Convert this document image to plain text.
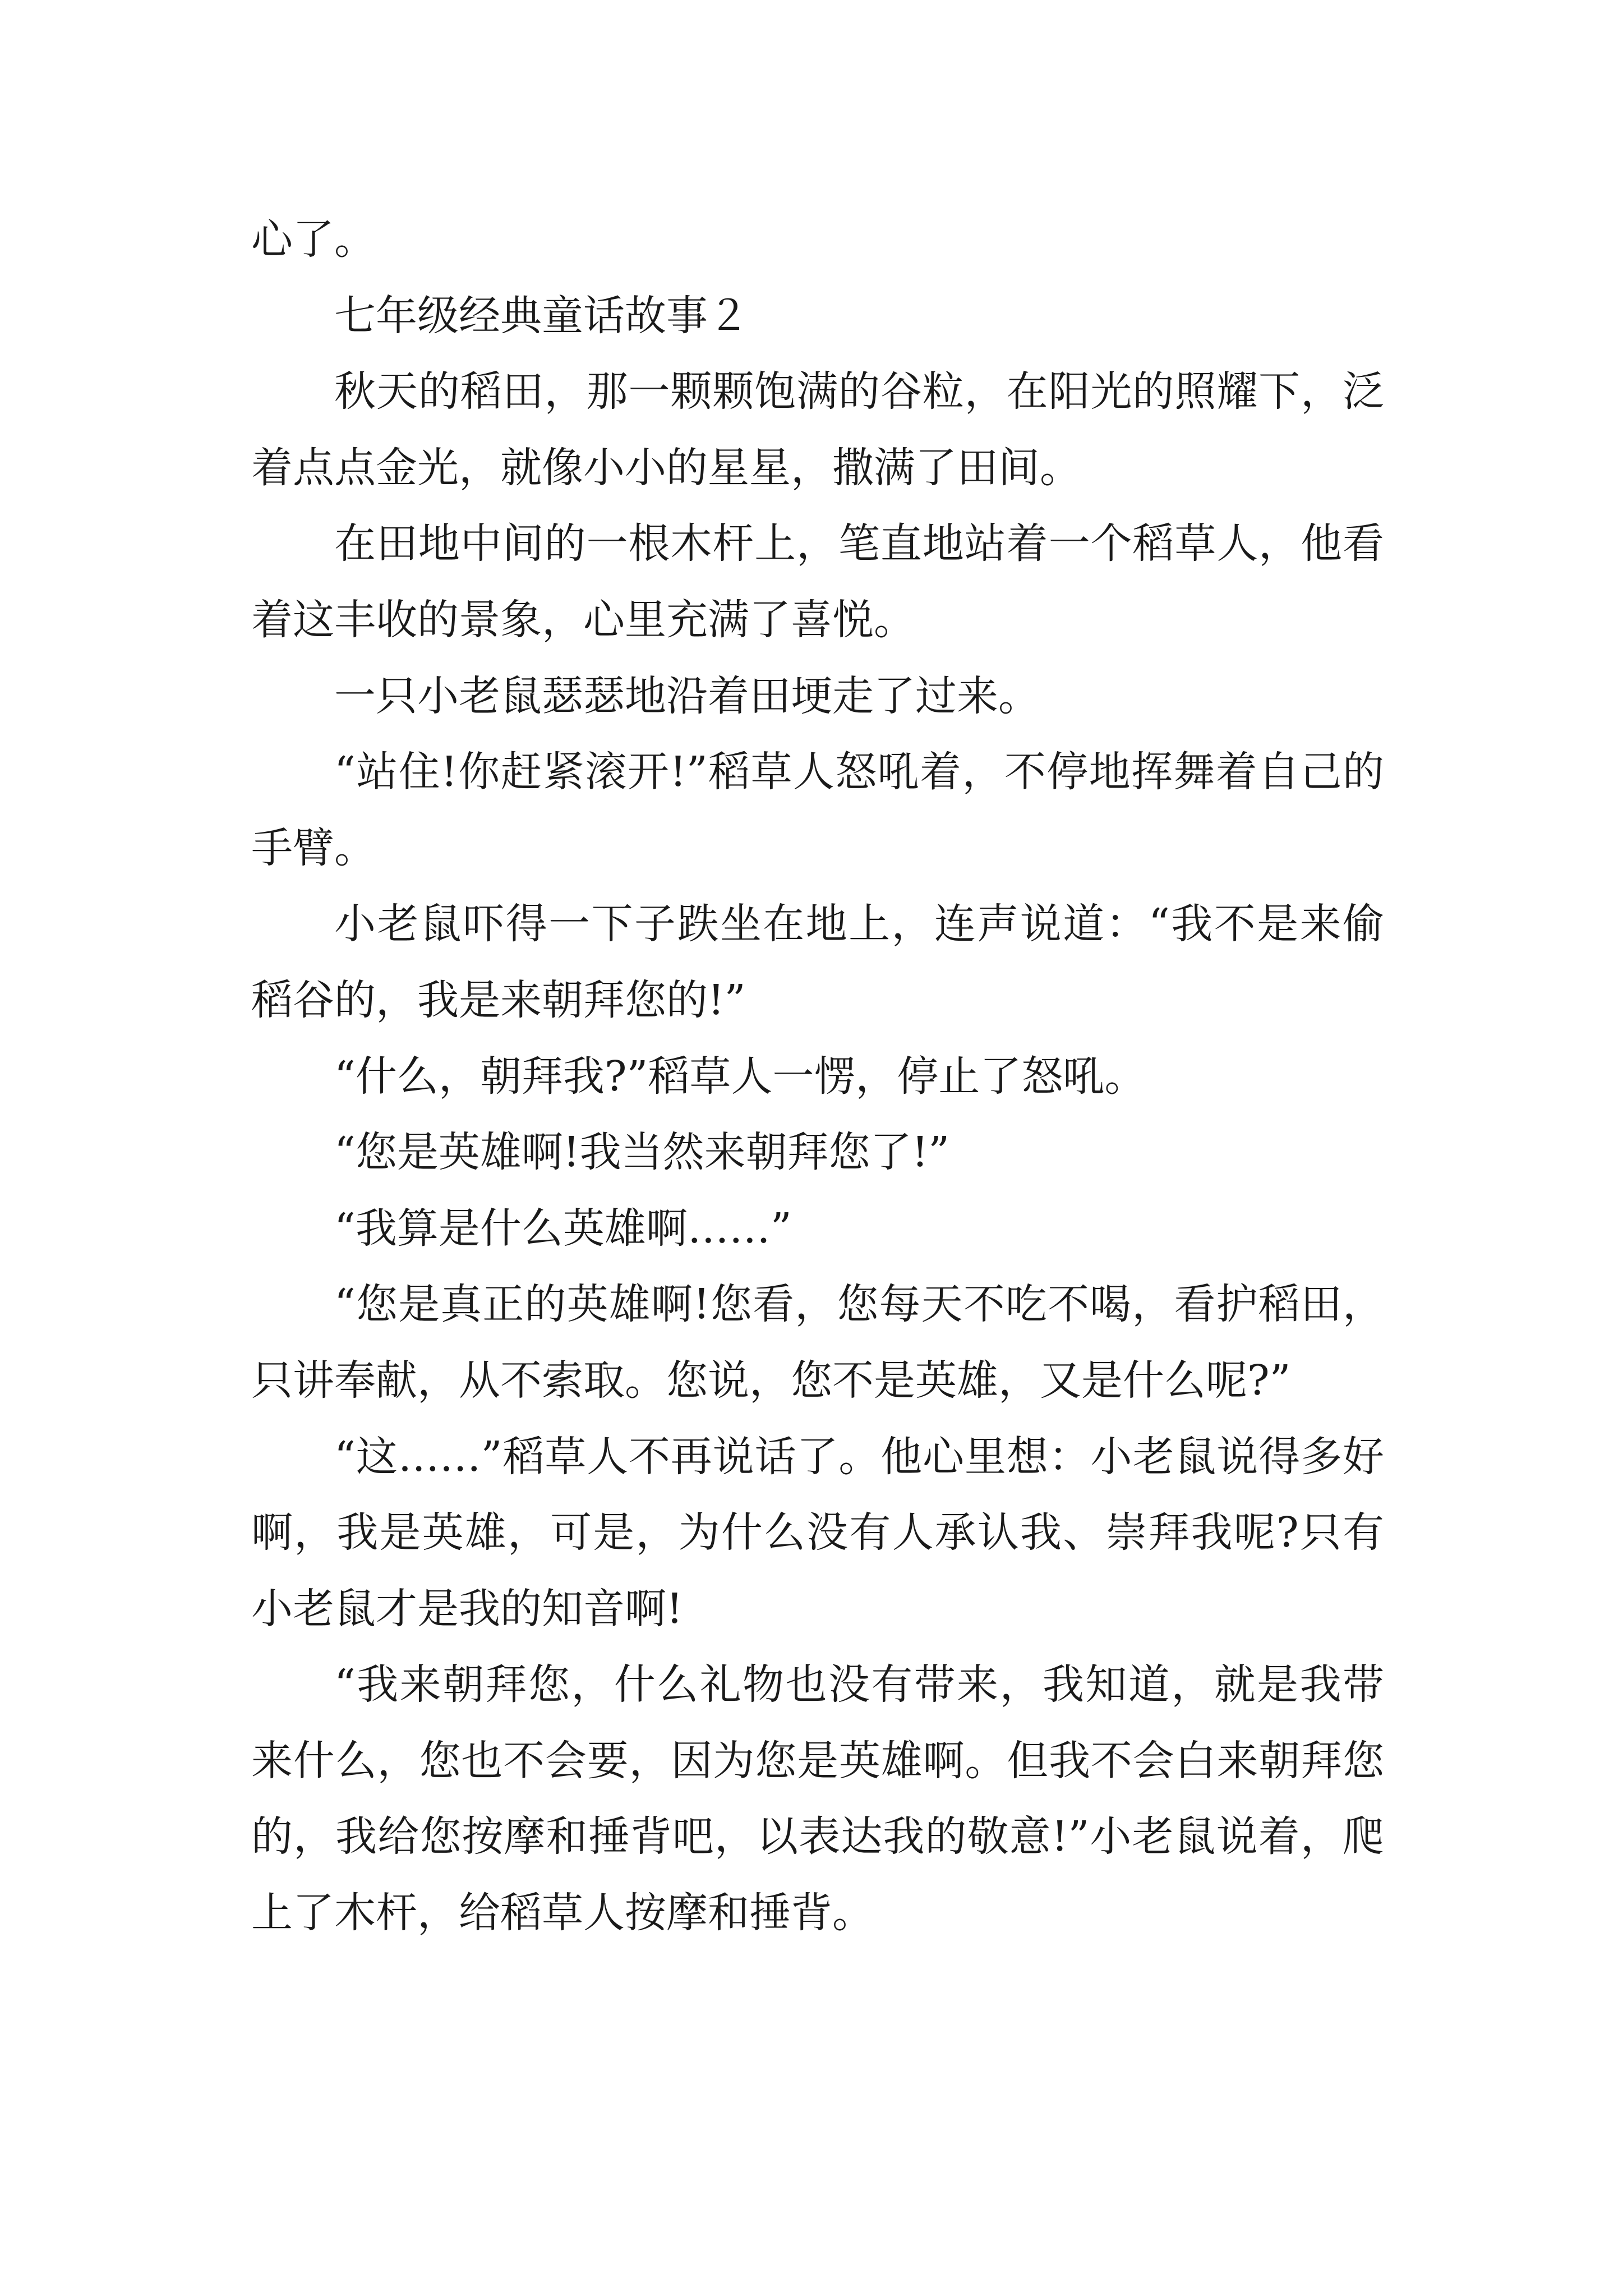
心了。

七年级经典童话故事２

秋天的稻田，那一颗颗饱满的谷粒，在阳光的照耀下，泛着点点金光，就像小小的星星，撒满了田间。

在田地中间的一根木杆上，笔直地站着一个稻草人，他看着这丰收的景象，心里充满了喜悦。

一只小老鼠瑟瑟地沿着田埂走了过来。

“站住!你赶紧滚开!”稻草人怒吼着，不停地挥舞着自己的手臂。

小老鼠吓得一下子跌坐在地上，连声说道：“我不是来偷稻谷的，我是来朝拜您的!”

“什么，朝拜我?”稻草人一愣，停止了怒吼。

“您是英雄啊!我当然来朝拜您了!”

“我算是什么英雄啊……”

“您是真正的英雄啊!您看，您每天不吃不喝，看护稻田，只讲奉献，从不索取。您说，您不是英雄，又是什么呢?”

“这……”稻草人不再说话了。他心里想：小老鼠说得多好啊，我是英雄，可是，为什么没有人承认我、崇拜我呢?只有小老鼠才是我的知音啊!

“我来朝拜您，什么礼物也没有带来，我知道，就是我带来什么，您也不会要，因为您是英雄啊。但我不会白来朝拜您的，我给您按摩和捶背吧，以表达我的敬意!”小老鼠说着，爬上了木杆，给稻草人按摩和捶背。
